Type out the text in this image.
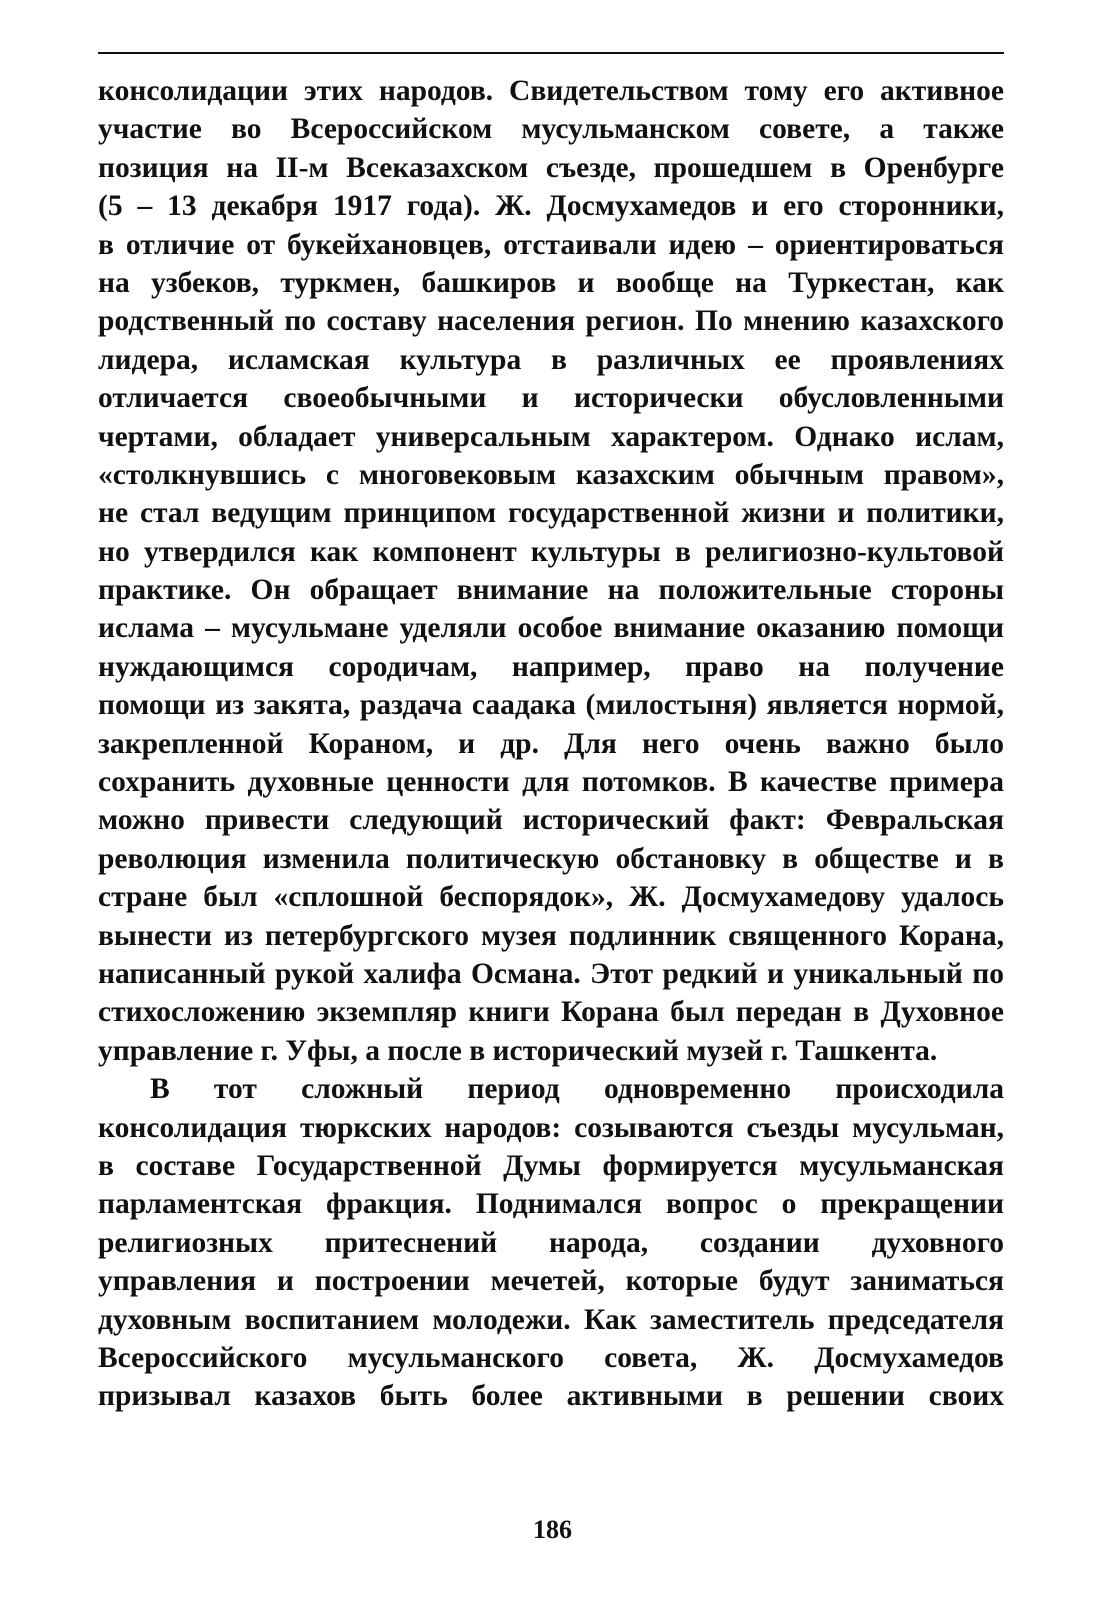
консолидации этих народов. Свидетельством тому его активное
участие во Всероссийском мусульманском совете, а также
позиция на II-м Всеказахском съезде, прошедшем в Оренбурге
(5 – 13 декабря 1917 года). Ж. Досмухамедов и его сторонники,
в отличие от букейхановцев, отстаивали идею – ориентироваться
на узбеков, туркмен, башкиров и вообще на Туркестан, как
родственный по составу населения регион. По мнению казахского
лидера, исламская культура в различных ее проявлениях
отличается своеобычными и исторически обусловленными
чертами, обладает универсальным характером. Однако ислам,
«столкнувшись с многовековым казахским обычным правом»,
не стал ведущим принципом государственной жизни и политики,
но утвердился как компонент культуры в религиозно-культовой
практике. Он обращает внимание на положительные стороны
ислама – мусульмане уделяли особое внимание оказанию помощи
нуждающимся сородичам, например, право на получение
помощи из закята, раздача саадака (милостыня) является нормой,
закрепленной Кораном, и др. Для него очень важно было
сохранить духовные ценности для потомков. В качестве примера
можно привести следующий исторический факт: Февральская
революция изменила политическую обстановку в обществе и в
стране был «сплошной беспорядок», Ж. Досмухамедову удалось
вынести из петербургского музея подлинник священного Корана,
написанный рукой халифа Османа. Этот редкий и уникальный по
стихосложению экземпляр книги Корана был передан в Духовное
управление г. Уфы, а после в исторический музей г. Ташкента.
В тот сложный период одновременно происходила
консолидация тюркских народов: созываются съезды мусульман,
в составе Государственной Думы формируется мусульманская
парламентская фракция. Поднимался вопрос о прекращении
религиозных притеснений народа, создании духовного
управления и построении мечетей, которые будут заниматься
духовным воспитанием молодежи. Как заместитель председателя
Всероссийского мусульманского совета, Ж. Досмухамедов
призывал казахов быть более активными в решении своих
186
